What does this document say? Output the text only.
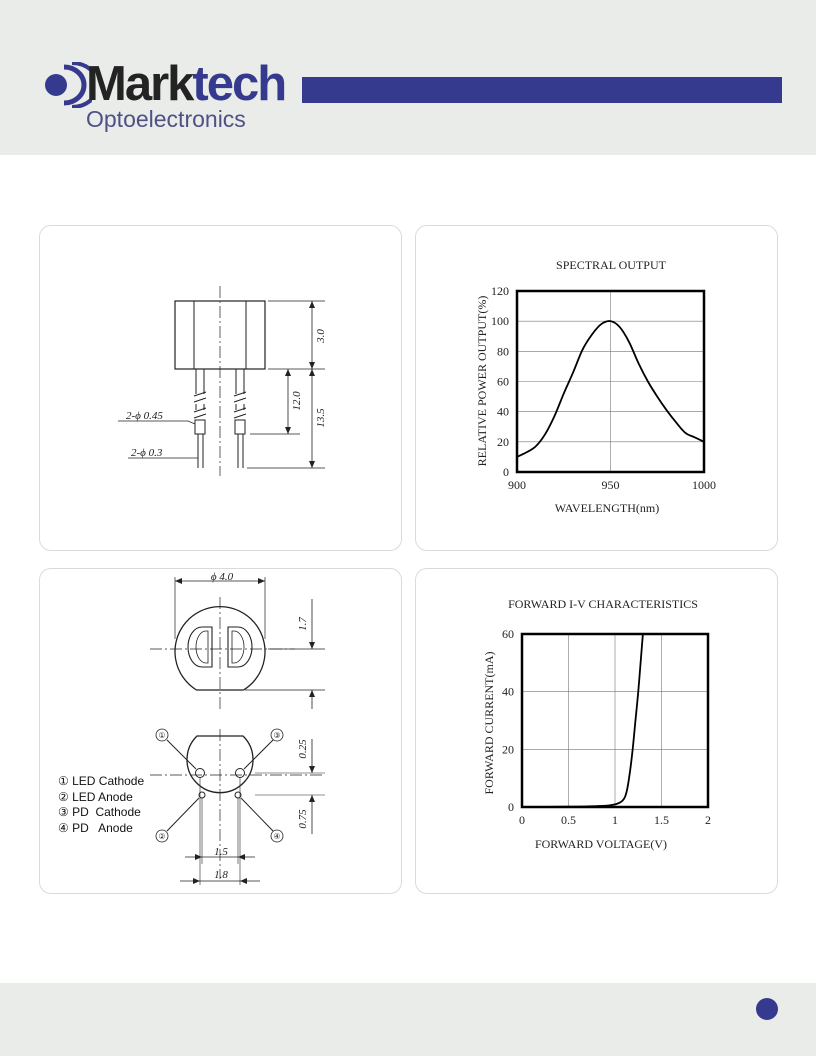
Marktech
Optoelectronics
3.0
12.0
13.5
2-ϕ 0.45
2-ϕ 0.3
SPECTRAL OUTPUT
WAVELENGTH(nm)
RELATIVE POWER OUTPUT(%)
900	950	1000
0
20
40
60
80
100
120
ϕ 4.0
1.7
0.25
0.75
1.5
1.8
①	③
②	④
① LED Cathode
② LED Anode
③ PD  Cathode
④ PD   Anode
FORWARD I-V CHARACTERISTICS
FORWARD VOLTAGE(V)
FORWARD CURRENT(mA)
0	0.5	1	1.5	2
0
20
40
60
